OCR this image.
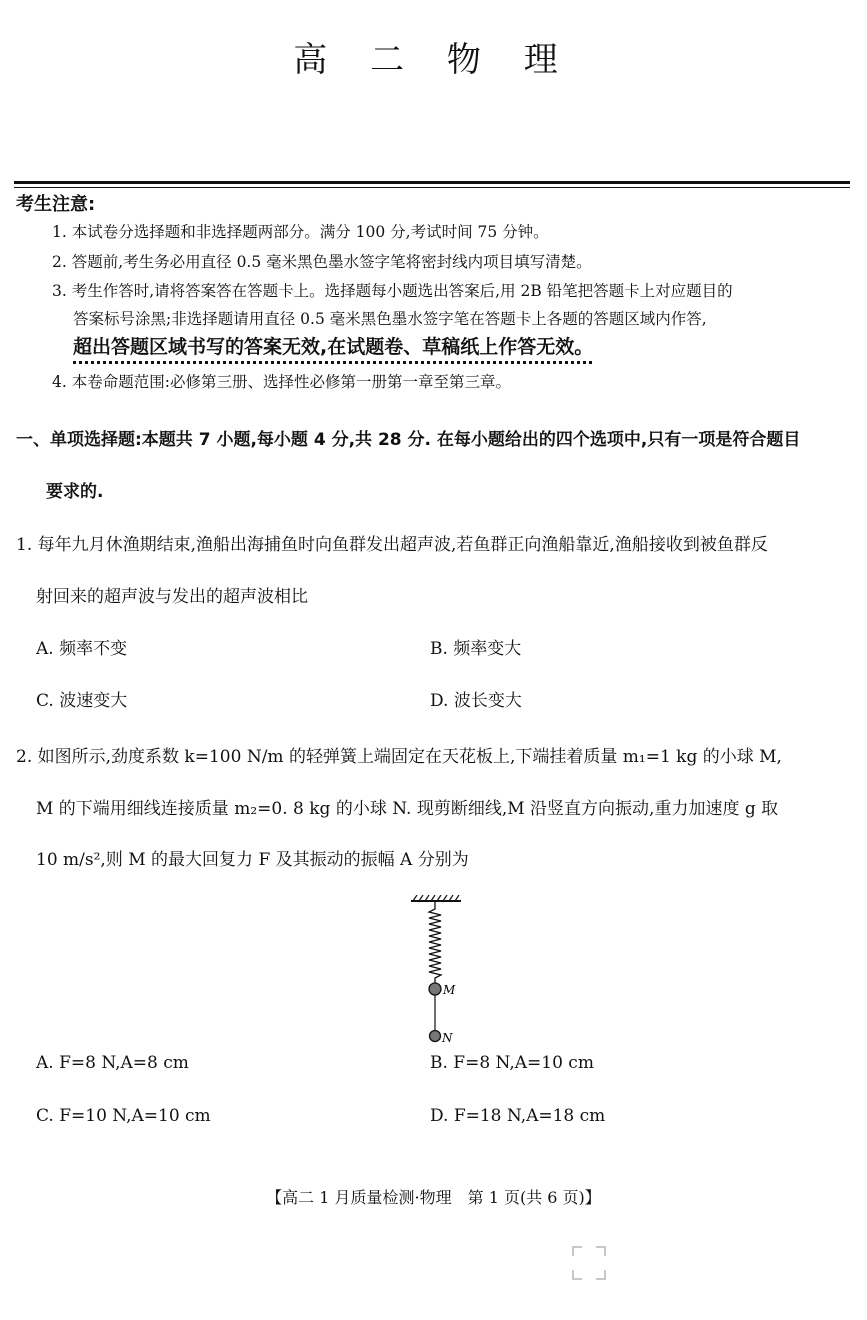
高 二 物 理
考生注意:
1. 本试卷分选择题和非选择题两部分。满分 100 分,考试时间 75 分钟。
2. 答题前,考生务必用直径 0.5 毫米黑色墨水签字笔将密封线内项目填写清楚。
3. 考生作答时,请将答案答在答题卡上。选择题每小题选出答案后,用 2B 铅笔把答题卡上对应题目的
答案标号涂黑;非选择题请用直径 0.5 毫米黑色墨水签字笔在答题卡上各题的答题区域内作答,
超出答题区域书写的答案无效,在试题卷、草稿纸上作答无效。
4. 本卷命题范围:必修第三册、选择性必修第一册第一章至第三章。
一、单项选择题:本题共 7 小题,每小题 4 分,共 28 分. 在每小题给出的四个选项中,只有一项是符合题目
要求的.
1. 每年九月休渔期结束,渔船出海捕鱼时向鱼群发出超声波,若鱼群正向渔船靠近,渔船接收到被鱼群反
射回来的超声波与发出的超声波相比
A. 频率不变	B. 频率变大
C. 波速变大	D. 波长变大
2. 如图所示,劲度系数 k=100 N/m 的轻弹簧上端固定在天花板上,下端挂着质量 m₁=1 kg 的小球 M,
M 的下端用细线连接质量 m₂=0. 8 kg 的小球 N. 现剪断细线,M 沿竖直方向振动,重力加速度 g 取
10 m/s²,则 M 的最大回复力 F 及其振动的振幅 A 分别为
M
N
A. F=8 N,A=8 cm	B. F=8 N,A=10 cm
C. F=10 N,A=10 cm	D. F=18 N,A=18 cm
【高二 1 月质量检测·物理　第 1 页(共 6 页)】
